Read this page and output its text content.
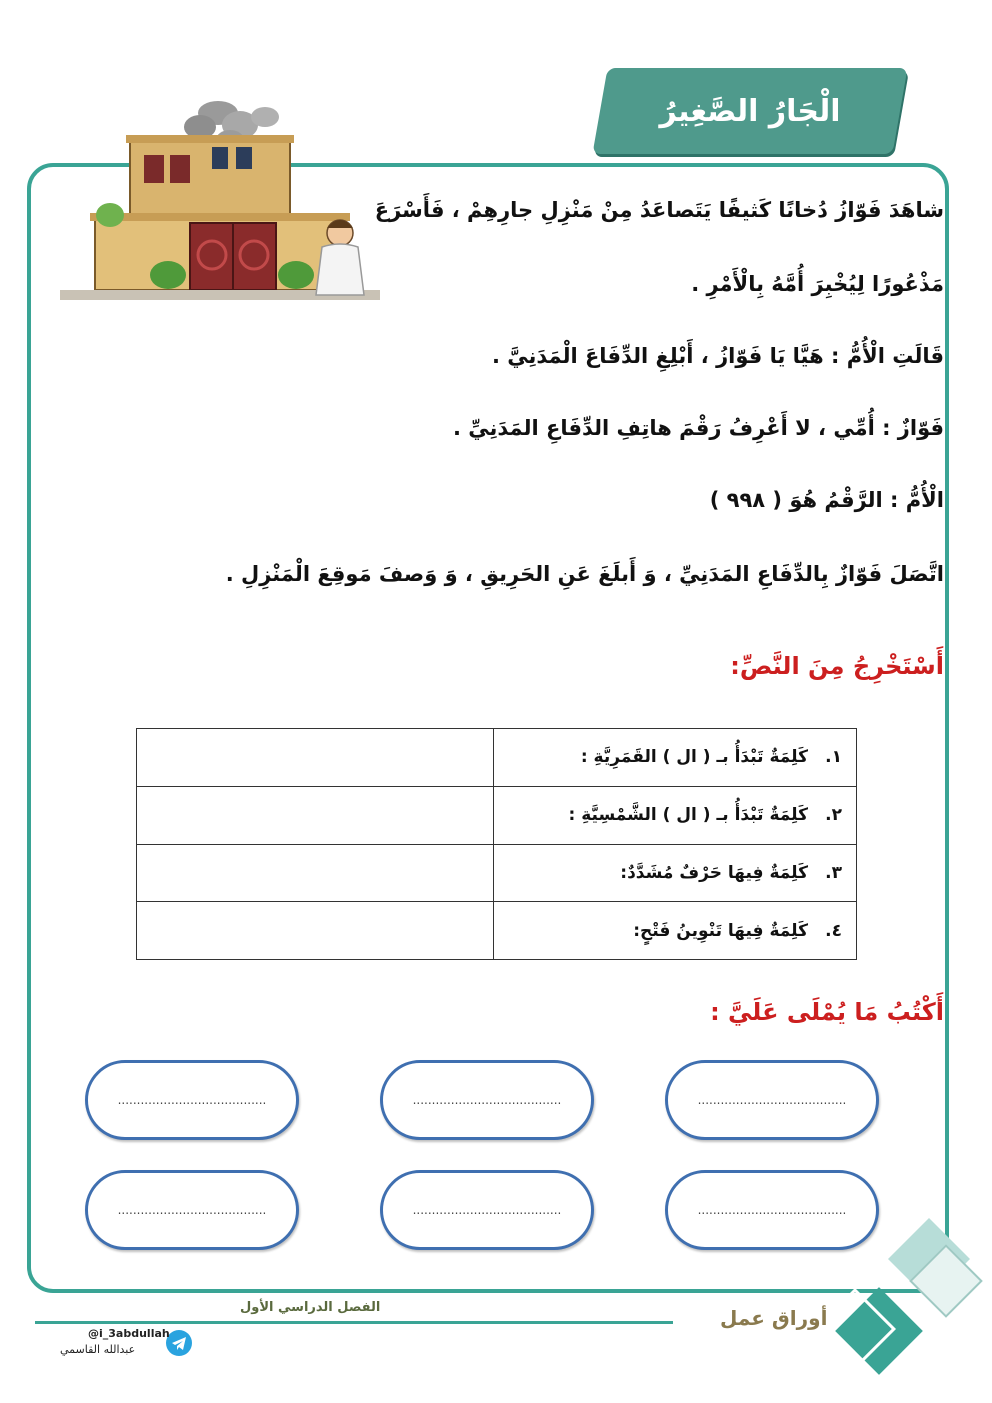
الْجَارُ الصَّغِيرُ
شاهَدَ فَوّازُ دُخانًا كَثيفًا يَتَصاعَدُ مِنْ مَنْزِلِ جارِهِمْ ، فَأَسْرَعَ
مَذْعُورًا لِيُخْبِرَ أُمَّهُ بِالْأَمْرِ .
قَالَتِ الْأُمُّ : هَيَّا يَا فَوّازُ ، أَبْلِغِ الدِّفَاعَ الْمَدَنِيَّ .
فَوّازٌ : أُمِّي ، لا أَعْرِفُ رَقْمَ هاتِفِ الدِّفَاعِ المَدَنِيِّ .
الْأُمُّ : الرَّقْمُ هُوَ ( ٩٩٨ )
اتَّصَلَ فَوّازٌ بِالدِّفَاعِ المَدَنِيِّ ، وَ أَبلَغَ عَنِ الحَرِيقِ ، وَ وَصفَ مَوقِعَ الْمَنْزِلِ .
أَسْتَخْرِجُ مِنَ النَّصِّ:
١.كَلِمَةٌ تَبْدَأُ بـ ( ال ) القَمَرِيَّةِ :	
٢.كَلِمَةٌ تَبْدَأُ بـ ( ال ) الشَّمْسِيَّةِ :	
٣.كَلِمَةٌ فِيهَا حَرْفٌ مُشَدَّدٌ:	
٤.كَلِمَةٌ فِيهَا تَنْوِينُ فَتْحٍ:	
أَكْتُبُ مَا يُمْلَى عَلَيَّ :
.......................................
.......................................
.......................................
.......................................
.......................................
.......................................
الفصل الدراسي الأول	أوراق عمل
@i_3abdullah
عبدالله القاسمي
